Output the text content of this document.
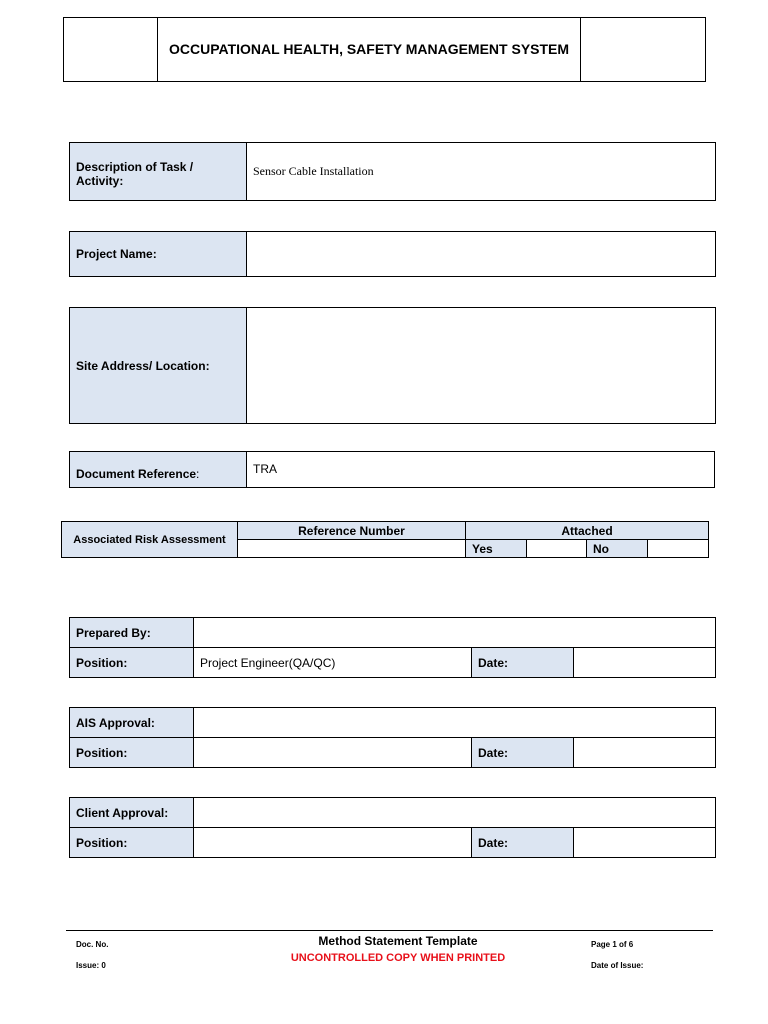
OCCUPATIONAL HEALTH, SAFETY MANAGEMENT SYSTEM

Description of Task / Activity:	Sensor Cable Installation
Project Name:	
Site Address/ Location:	
Document Reference:	TRA
Associated Risk Assessment	Reference Number	Attached			
		Yes		No	
Prepared By:			
Position:	Project Engineer(QA/QC)	Date:	
AIS Approval:			
Position:		Date:	
Client Approval:			
Position:		Date:	
Doc. No.
Issue: 0
Method Statement Template
UNCONTROLLED COPY WHEN PRINTED
Page 1 of 6
Date of Issue:
